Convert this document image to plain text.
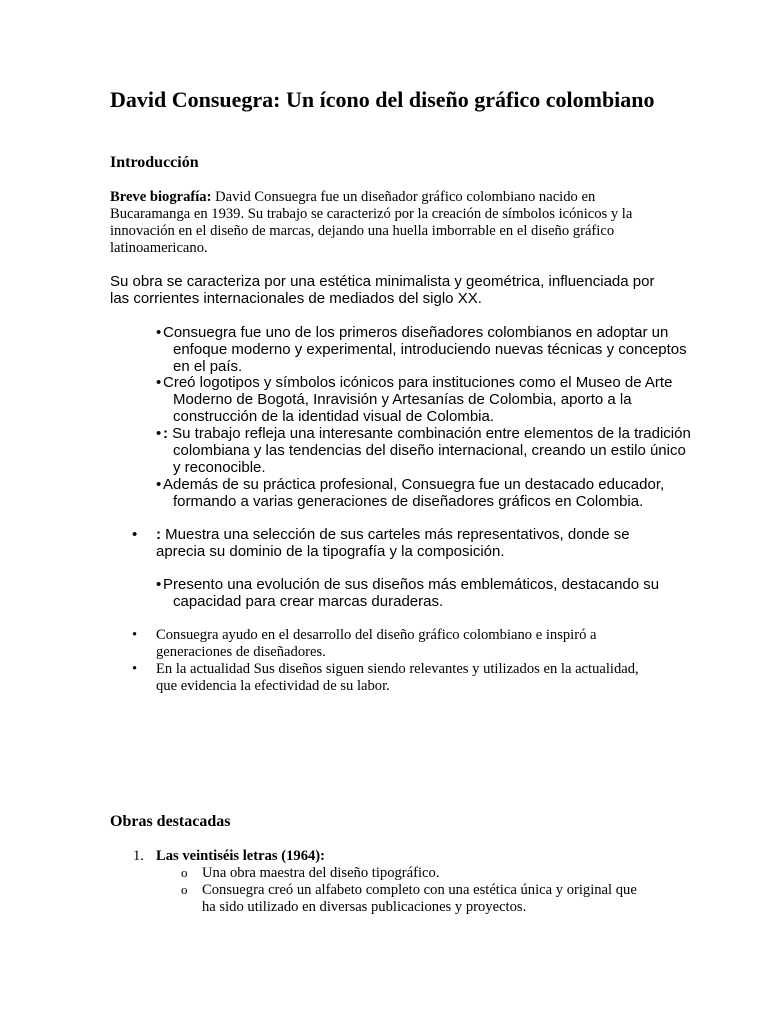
David Consuegra: Un ícono del diseño gráfico colombiano
Introducción

Breve biografía: David Consuegra fue un diseñador gráfico colombiano nacido en Bucaramanga en 1939. Su trabajo se caracterizó por la creación de símbolos icónicos y la innovación en el diseño de marcas, dejando una huella imborrable en el diseño gráfico latinoamericano.

Su obra se caracteriza por una estética minimalista y geométrica, influenciada por las corrientes internacionales de mediados del siglo XX.

• Consuegra fue uno de los primeros diseñadores colombianos en adoptar un enfoque moderno y experimental, introduciendo nuevas técnicas y conceptos en el país.
• Creó logotipos y símbolos icónicos para instituciones como el Museo de Arte Moderno de Bogotá, Inravisión y Artesanías de Colombia, aporto a la construcción de la identidad visual de Colombia.
• : Su trabajo refleja una interesante combinación entre elementos de la tradición colombiana y las tendencias del diseño internacional, creando un estilo único y reconocible.
• Además de su práctica profesional, Consuegra fue un destacado educador, formando a varias generaciones de diseñadores gráficos en Colombia.
• : Muestra una selección de sus carteles más representativos, donde se aprecia su dominio de la tipografía y la composición.
• Presento una evolución de sus diseños más emblemáticos, destacando su capacidad para crear marcas duraderas.
• Consuegra ayudo en el desarrollo del diseño gráfico colombiano e inspiró a generaciones de diseñadores.
• En la actualidad Sus diseños siguen siendo relevantes y utilizados en la actualidad, que evidencia la efectividad de su labor.
Obras destacadas
1. Las veintiséis letras (1964):
o Una obra maestra del diseño tipográfico.
o Consuegra creó un alfabeto completo con una estética única y original que ha sido utilizado en diversas publicaciones y proyectos.
